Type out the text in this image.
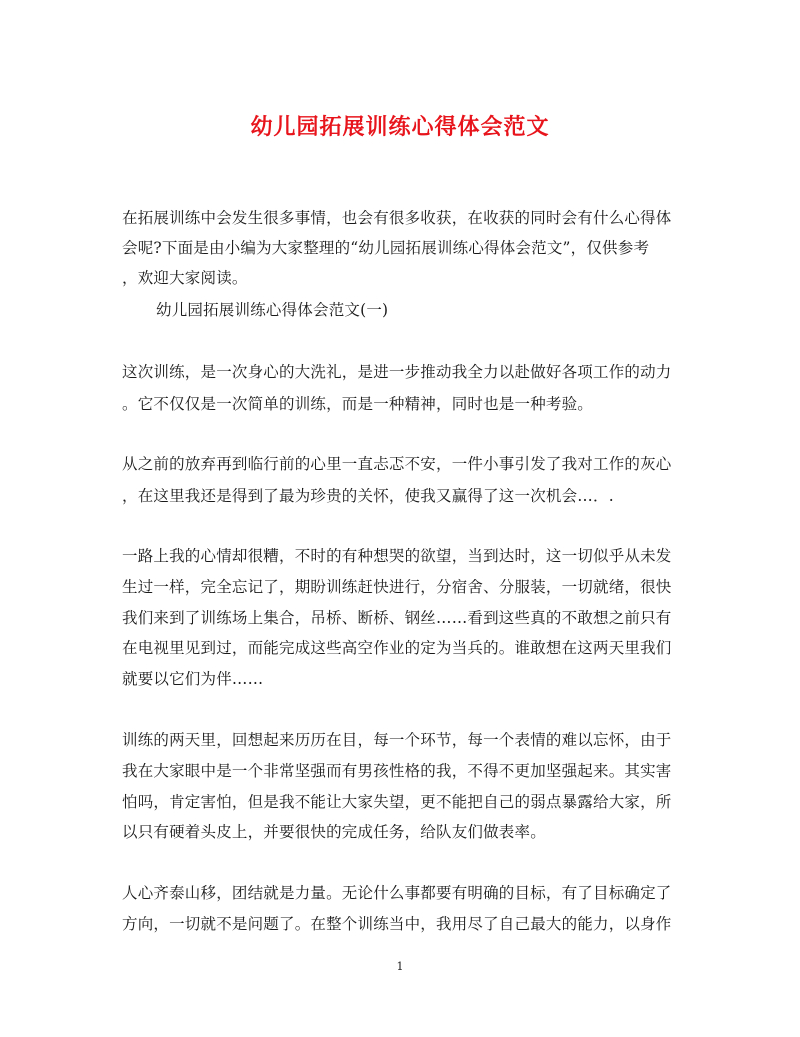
幼儿园拓展训练心得体会范文
在拓展训练中会发生很多事情，也会有很多收获，在收获的同时会有什么心得体
会呢?下面是由小编为大家整理的“幼儿园拓展训练心得体会范文”，仅供参考
，欢迎大家阅读。
幼儿园拓展训练心得体会范文(一)
这次训练，是一次身心的大洗礼，是进一步推动我全力以赴做好各项工作的动力
。它不仅仅是一次简单的训练，而是一种精神，同时也是一种考验。
从之前的放弃再到临行前的心里一直忐忑不安，一件小事引发了我对工作的灰心
，在这里我还是得到了最为珍贵的关怀，使我又赢得了这一次机会…．.
一路上我的心情却很糟，不时的有种想哭的欲望，当到达时，这一切似乎从未发
生过一样，完全忘记了，期盼训练赶快进行，分宿舍、分服装，一切就绪，很快
我们来到了训练场上集合，吊桥、断桥、钢丝……看到这些真的不敢想之前只有
在电视里见到过，而能完成这些高空作业的定为当兵的。谁敢想在这两天里我们
就要以它们为伴……
训练的两天里，回想起来历历在目，每一个环节，每一个表情的难以忘怀，由于
我在大家眼中是一个非常坚强而有男孩性格的我，不得不更加坚强起来。其实害
怕吗，肯定害怕，但是我不能让大家失望，更不能把自己的弱点暴露给大家，所
以只有硬着头皮上，并要很快的完成任务，给队友们做表率。
人心齐泰山移，团结就是力量。无论什么事都要有明确的目标，有了目标确定了
方向，一切就不是问题了。在整个训练当中，我用尽了自己最大的能力，以身作
1
